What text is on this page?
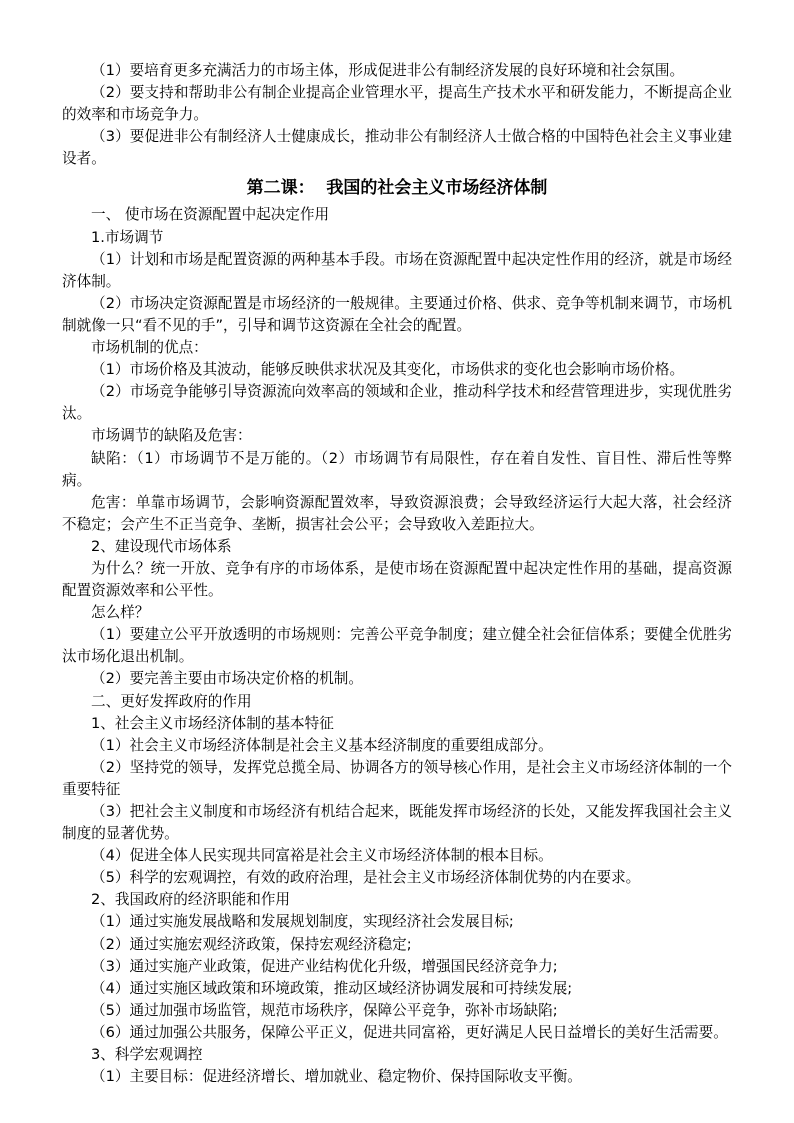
（1）要培育更多充满活力的市场主体，形成促进非公有制经济发展的良好环境和社会氛围。

（2）要支持和帮助非公有制企业提高企业管理水平，提高生产技术水平和研发能力，不断提高企业的效率和市场竞争力。

（3）要促进非公有制经济人士健康成长，推动非公有制经济人士做合格的中国特色社会主义事业建设者。

第二课：  我国的社会主义市场经济体制

一、 使市场在资源配置中起决定作用

1.市场调节

（1）计划和市场是配置资源的两种基本手段。市场在资源配置中起决定性作用的经济，就是市场经济体制。

（2）市场决定资源配置是市场经济的一般规律。主要通过价格、供求、竞争等机制来调节，市场机制就像一只“看不见的手”，引导和调节这资源在全社会的配置。

市场机制的优点：

（1）市场价格及其波动，能够反映供求状况及其变化，市场供求的变化也会影响市场价格。

（2）市场竞争能够引导资源流向效率高的领域和企业，推动科学技术和经营管理进步，实现优胜劣汰。

市场调节的缺陷及危害：

缺陷：（1）市场调节不是万能的。（2）市场调节有局限性，存在着自发性、盲目性、滞后性等弊病。

危害：单靠市场调节，会影响资源配置效率，导致资源浪费；会导致经济运行大起大落，社会经济不稳定；会产生不正当竞争、垄断，损害社会公平；会导致收入差距拉大。

2、建设现代市场体系

为什么？统一开放、竞争有序的市场体系，是使市场在资源配置中起决定性作用的基础，提高资源配置资源效率和公平性。

怎么样？

（1）要建立公平开放透明的市场规则：完善公平竞争制度；建立健全社会征信体系；要健全优胜劣汰市场化退出机制。

（2）要完善主要由市场决定价格的机制。

二、更好发挥政府的作用

1、社会主义市场经济体制的基本特征

（1）社会主义市场经济体制是社会主义基本经济制度的重要组成部分。

（2）坚持党的领导，发挥党总揽全局、协调各方的领导核心作用，是社会主义市场经济体制的一个重要特征

（3）把社会主义制度和市场经济有机结合起来，既能发挥市场经济的长处，又能发挥我国社会主义制度的显著优势。

（4）促进全体人民实现共同富裕是社会主义市场经济体制的根本目标。

（5）科学的宏观调控，有效的政府治理，是社会主义市场经济体制优势的内在要求。

2、我国政府的经济职能和作用

（1）通过实施发展战略和发展规划制度，实现经济社会发展目标;

（2）通过实施宏观经济政策，保持宏观经济稳定;

（3）通过实施产业政策，促进产业结构优化升级，增强国民经济竞争力;

（4）通过实施区域政策和环境政策，推动区域经济协调发展和可持续发展;

（5）通过加强市场监管，规范市场秩序，保障公平竞争，弥补市场缺陷;

（6）通过加强公共服务，保障公平正义，促进共同富裕，更好满足人民日益增长的美好生活需要。

3、科学宏观调控

（1）主要目标：促进经济增长、增加就业、稳定物价、保持国际收支平衡。
